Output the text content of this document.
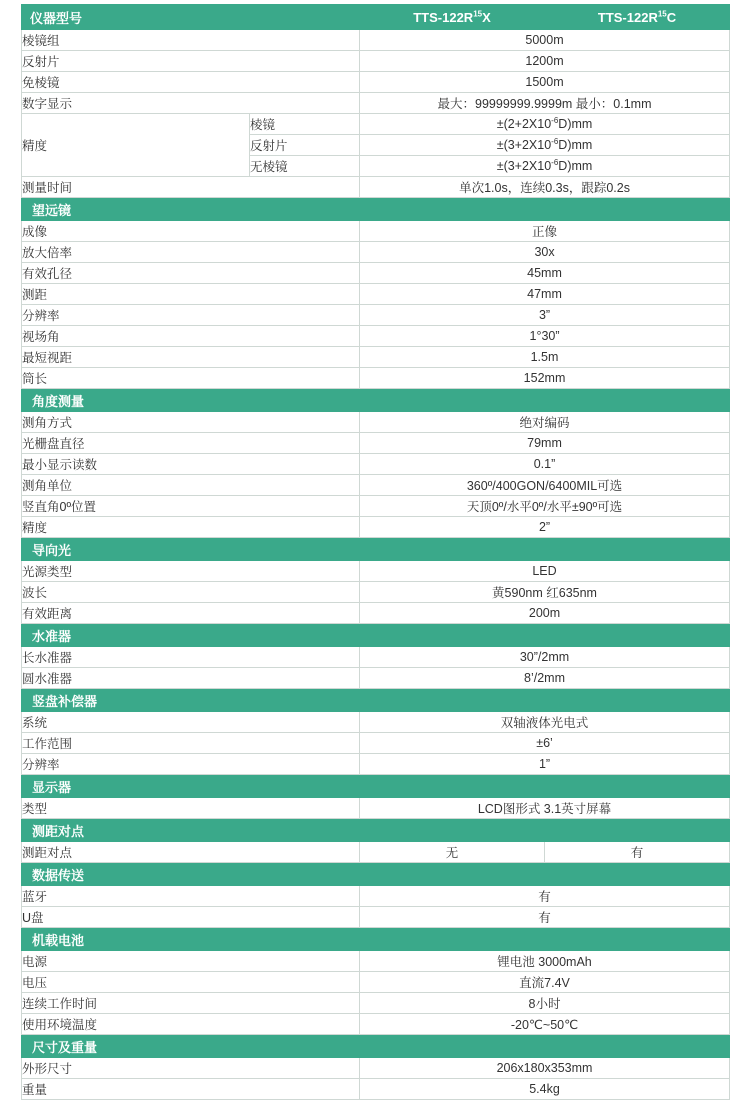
仪器型号		TTS-$122R^{15}X$	TTS-$122R^{15}C$
棱镜组		5000m	
反射片		1200m	
免棱镜		1500m	
数字显示		最大：99999999.9999m 最小：0.1mm	
精度	棱镜	$\pm(2+2X10^{-6}D)mm$	
	反射片	$\pm(3+2X10^{-6}D)mm$	
	无棱镜	$\pm(3+2X10^{-6}D)mm$	
测量时间		单次1.0s，连续0.3s，跟踪0.2s	
望远镜			
成像		正像	
放大倍率		30x	
有效孔径		45mm	
测距		47mm	
分辨率		3”	
视场角		1°30”	
最短视距		1.5m	
筒长		152mm	
角度测量			
测角方式		绝对编码	
光栅盘直径		79mm	
最小显示读数		0.1”	
测角单位		360º/400GON/6400MIL可选	
竖直角0º位置		天顶0º/水平0º/水平±90º可选	
精度		2”	
导向光			
光源类型		LED	
波长		黄590nm 红635nm	
有效距离		200m	
水准器			
长水准器		30”/2mm	
圆水准器		8’/2mm	
竖盘补偿器			
系统		双轴液体光电式	
工作范围		±6’	
分辨率		1”	
显示器			
类型		LCD图形式 3.1英寸屏幕	
测距对点			
测距对点		无	有
数据传送			
蓝牙		有	
U盘		有	
机载电池			
电源		锂电池 3000mAh	
电压		直流7.4V	
连续工作时间		8小时	
使用环境温度		-20℃~50℃	
尺寸及重量			
外形尺寸		206x180x353mm	
重量		5.4kg	
